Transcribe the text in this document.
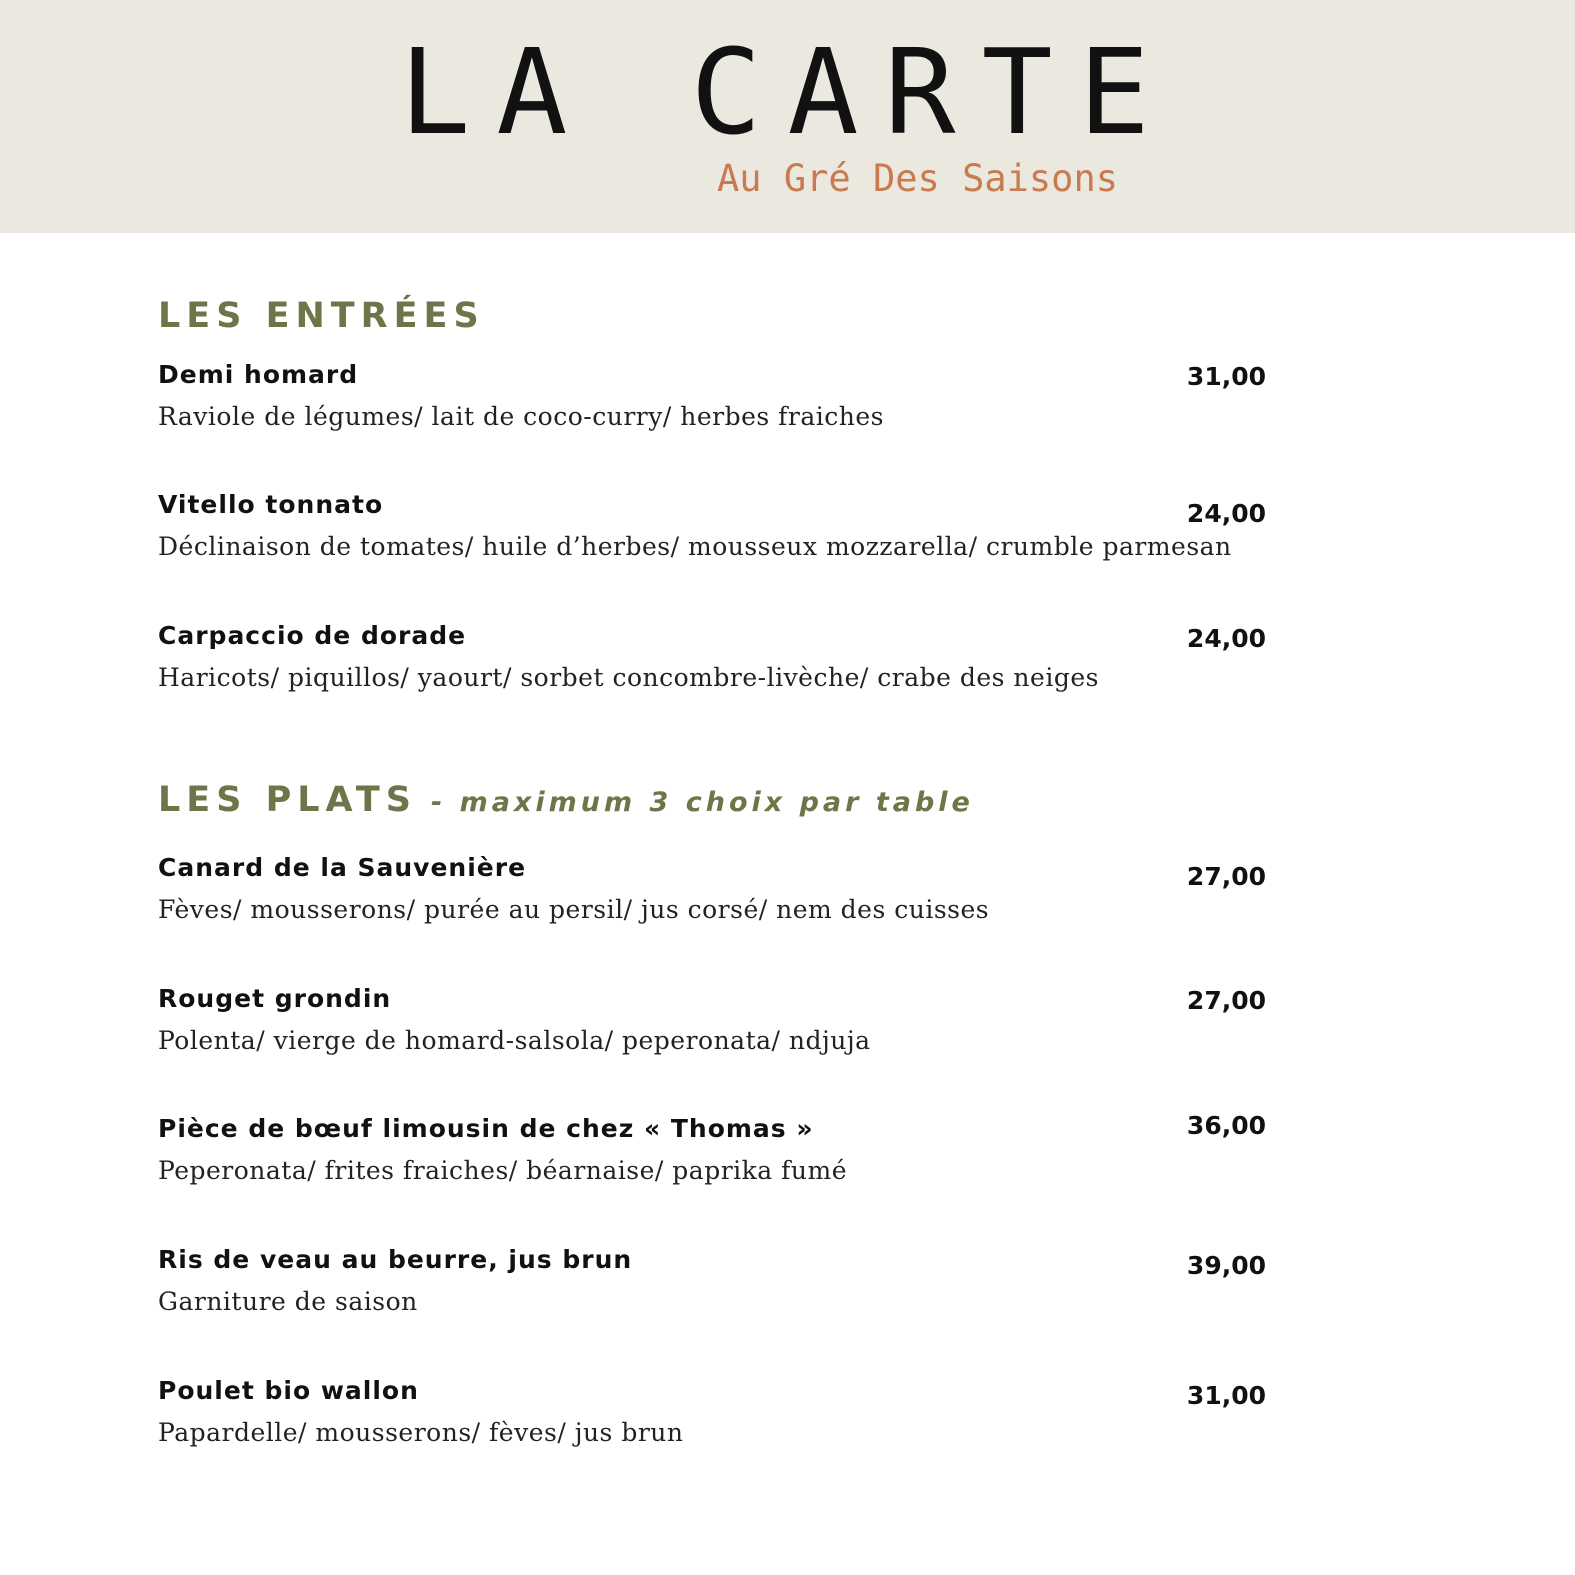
LA CARTE
Au Gré Des Saisons
LES ENTRÉES
Demi homard	31,00
Raviole de légumes/ lait de coco-curry/ herbes fraiches
Vitello tonnato	24,00
Déclinaison de tomates/ huile d’herbes/ mousseux mozzarella/ crumble parmesan
Carpaccio de dorade	24,00
Haricots/ piquillos/ yaourt/ sorbet concombre-livèche/ crabe des neiges
LES PLATS - maximum 3 choix par table
Canard de la Sauvenière	27,00
Fèves/ mousserons/ purée au persil/ jus corsé/ nem des cuisses
Rouget grondin	27,00
Polenta/ vierge de homard-salsola/ peperonata/ ndjuja
Pièce de bœuf limousin de chez « Thomas »	36,00
Peperonata/ frites fraiches/ béarnaise/ paprika fumé
Ris de veau au beurre, jus brun	39,00
Garniture de saison
Poulet bio wallon	31,00
Papardelle/ mousserons/ fèves/ jus brun
